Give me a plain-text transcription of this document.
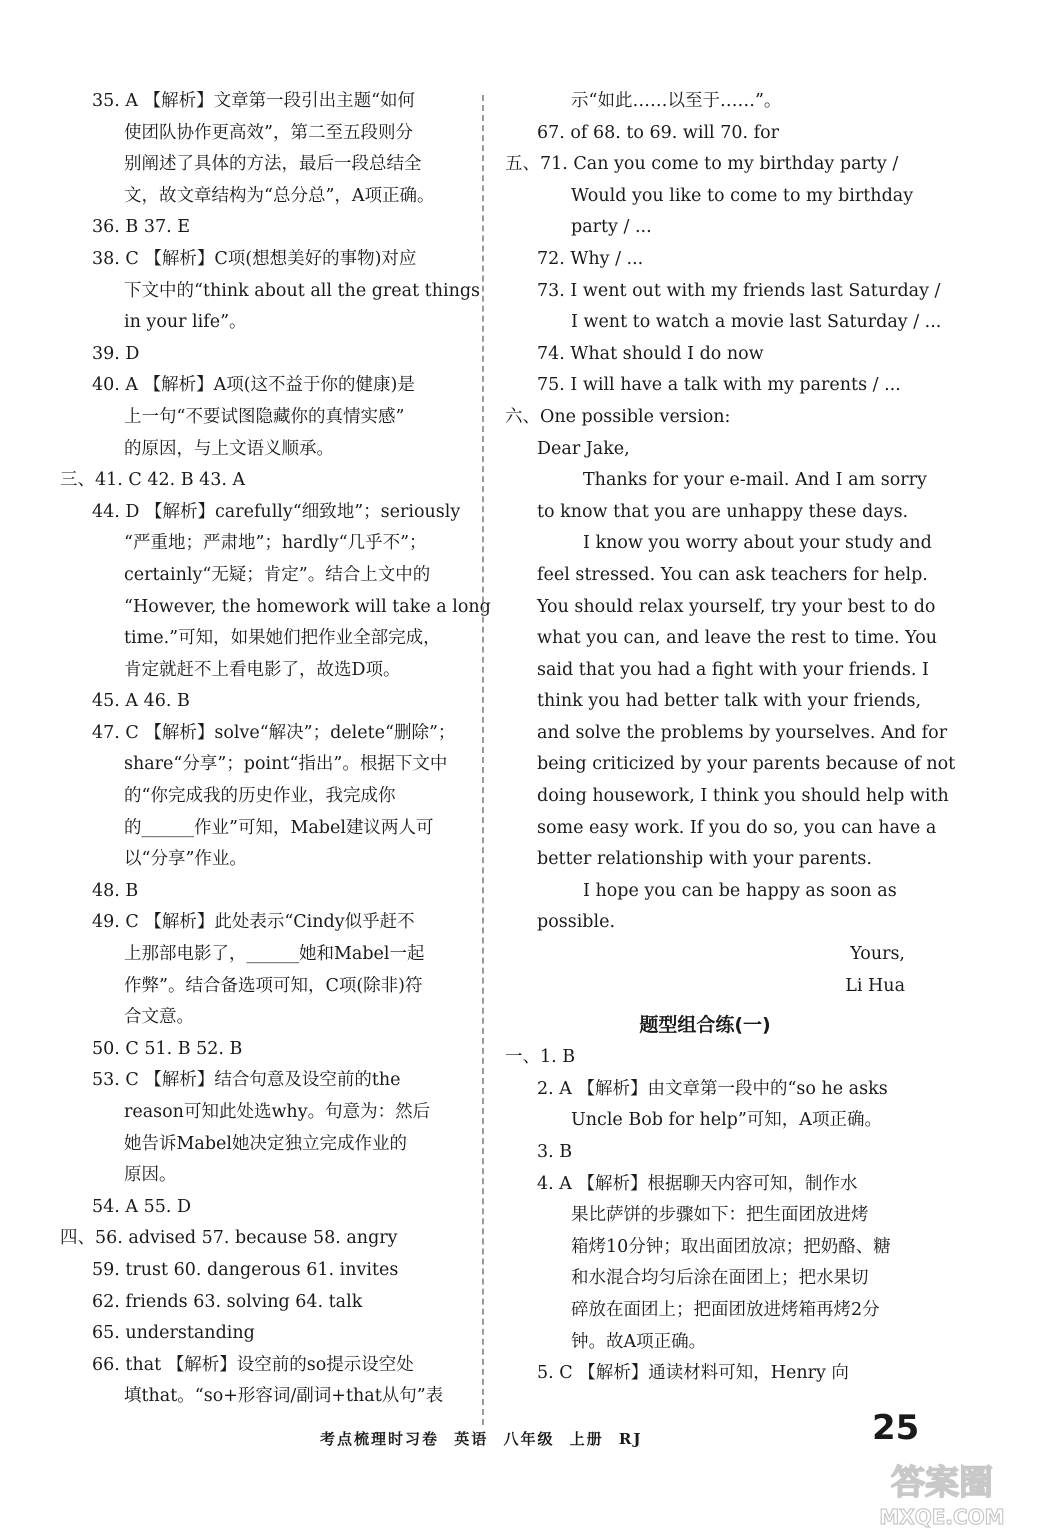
35. A 【解析】文章第一段引出主题“如何
使团队协作更高效”，第二至五段则分
别阐述了具体的方法，最后一段总结全
文，故文章结构为“总分总”，A项正确。
36. B 37. E
38. C 【解析】C项(想想美好的事物)对应
下文中的“think about all the great things
in your life”。
39. D
40. A 【解析】A项(这不益于你的健康)是
上一句“不要试图隐藏你的真情实感”
的原因，与上文语义顺承。
三、41. C 42. B 43. A
44. D 【解析】carefully“细致地”；seriously
“严重地；严肃地”；hardly“几乎不”；
certainly“无疑；肯定”。结合上文中的
“However, the homework will take a long
time.”可知，如果她们把作业全部完成，
肯定就赶不上看电影了，故选D项。
45. A 46. B
47. C 【解析】solve“解决”；delete“删除”；
share“分享”；point“指出”。根据下文中
的“你完成我的历史作业，我完成你
的______作业”可知，Mabel建议两人可
以“分享”作业。
48. B
49. C 【解析】此处表示“Cindy似乎赶不
上那部电影了，______她和Mabel一起
作弊”。结合备选项可知，C项(除非)符
合文意。
50. C 51. B 52. B
53. C 【解析】结合句意及设空前的the
reason可知此处选why。句意为：然后
她告诉Mabel她决定独立完成作业的
原因。
54. A 55. D
四、56. advised 57. because 58. angry
59. trust 60. dangerous 61. invites
62. friends 63. solving 64. talk
65. understanding
66. that 【解析】设空前的so提示设空处
填that。“so+形容词/副词+that从句”表
示“如此……以至于……”。
67. of 68. to 69. will 70. for
五、71. Can you come to my birthday party /
Would you like to come to my birthday
party / ...
72. Why / ...
73. I went out with my friends last Saturday /
I went to watch a movie last Saturday / ...
74. What should I do now
75. I will have a talk with my parents / ...
六、One possible version:
Dear Jake,
Thanks for your e-mail. And I am sorry
to know that you are unhappy these days.
I know you worry about your study and
feel stressed. You can ask teachers for help.
You should relax yourself, try your best to do
what you can, and leave the rest to time. You
said that you had a fight with your friends. I
think you had better talk with your friends,
and solve the problems by yourselves. And for
being criticized by your parents because of not
doing housework, I think you should help with
some easy work. If you do so, you can have a
better relationship with your parents.
I hope you can be happy as soon as
possible.
Yours,
Li Hua
题型组合练(一)
一、1. B
2. A 【解析】由文章第一段中的“so he asks
Uncle Bob for help”可知，A项正确。
3. B
4. A 【解析】根据聊天内容可知，制作水
果比萨饼的步骤如下：把生面团放进烤
箱烤10分钟；取出面团放凉；把奶酪、糖
和水混合均匀后涂在面团上；把水果切
碎放在面团上；把面团放进烤箱再烤2分
钟。故A项正确。
5. C 【解析】通读材料可知，Henry 向
考点梳理时习卷 英语 八年级 上册 RJ	25
答案圈
MXQE.COM
